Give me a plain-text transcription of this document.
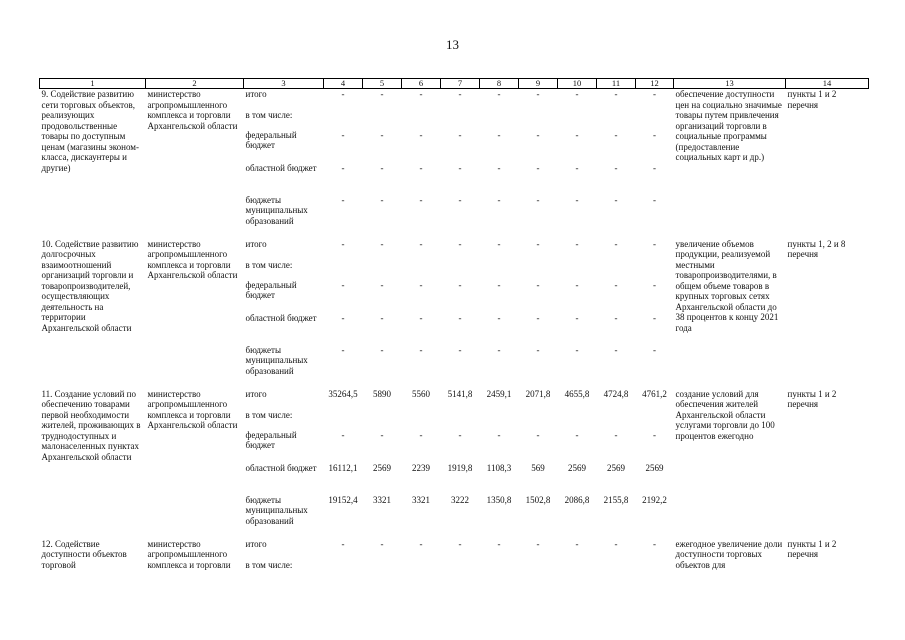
13
1	2	3	4	5	6	7	8	9	10	11	12	13	14
9. Содействие развитию сети торговых объектов, реализующих продовольственные товары по доступным ценам (магазины эконом-класса, дискаунтеры и другие)	министерство агропромышленного комплекса и торговли Архангельской области	итого	-	-	-	-	-	-	-	-	-	обеспечение доступности цен на социально значимые товары путем привлечения организаций торговли в социальные программы (предоставление социальных карт и др.)	пункты 1 и 2 перечня
		в том числе:											
		федеральный бюджет	-	-	-	-	-	-	-	-	-		
		областной бюджет	-	-	-	-	-	-	-	-	-		
		бюджеты муниципальных образований	-	-	-	-	-	-	-	-	-		
10. Содействие развитию долгосрочных взаимоотношений организаций торговли и товаропроизводителей, осуществляющих деятельность на территории Архангельской области	министерство агропромышленного комплекса и торговли Архангельской области	итого	-	-	-	-	-	-	-	-	-	увеличение объемов продукции, реализуемой местными товаропроизводителями, в общем объеме товаров в крупных торговых сетях Архангельской области до 38 процентов к концу 2021 года	пункты 1, 2 и 8 перечня
		в том числе:											
		федеральный бюджет	-	-	-	-	-	-	-	-	-		
		областной бюджет	-	-	-	-	-	-	-	-	-		
		бюджеты муниципальных образований	-	-	-	-	-	-	-	-	-		
11. Создание условий по обеспечению товарами первой необходимости жителей, проживающих в труднодоступных и малонаселенных пунктах Архангельской области	министерство агропромышленного комплекса и торговли Архангельской области	итого	35264,5	5890	5560	5141,8	2459,1	2071,8	4655,8	4724,8	4761,2	создание условий для обеспечения жителей Архангельской области услугами торговли до 100 процентов ежегодно	пункты 1 и 2 перечня
		в том числе:											
		федеральный бюджет	-	-	-	-	-	-	-	-	-		
		областной бюджет	16112,1	2569	2239	1919,8	1108,3	569	2569	2569	2569		
		бюджеты муниципальных образований	19152,4	3321	3321	3222	1350,8	1502,8	2086,8	2155,8	2192,2		
12. Содействие доступности объектов торговой	министерство агропромышленного комплекса и торговли	итого	-	-	-	-	-	-	-	-	-	ежегодное увеличение доли доступности торговых объектов для	пункты 1 и 2 перечня
		в том числе:											
